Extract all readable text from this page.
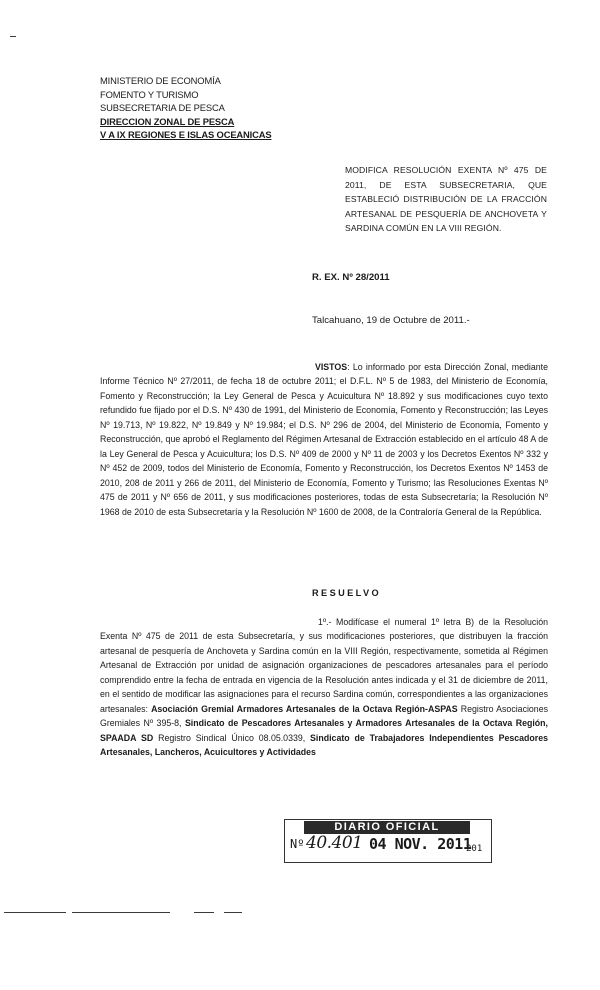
MINISTERIO DE ECONOMÍA
FOMENTO Y TURISMO
SUBSECRETARIA DE PESCA
DIRECCION ZONAL DE PESCA
V A IX REGIONES E ISLAS OCEANICAS
MODIFICA RESOLUCIÓN EXENTA Nº 475 DE 2011, DE ESTA SUBSECRETARIA, QUE ESTABLECIÓ DISTRIBUCIÓN DE LA FRACCIÓN ARTESANAL DE PESQUERÍA DE ANCHOVETA Y SARDINA COMÚN EN LA VIII REGIÓN.
R. EX. Nº 28/2011
Talcahuano, 19 de Octubre de 2011.-
VISTOS: Lo informado por esta Dirección Zonal, mediante Informe Técnico Nº 27/2011, de fecha 18 de octubre 2011; el D.F.L. Nº 5 de 1983, del Ministerio de Economía, Fomento y Reconstrucción; la Ley General de Pesca y Acuicultura Nº 18.892 y sus modificaciones cuyo texto refundido fue fijado por el D.S. Nº 430 de 1991, del Ministerio de Economía, Fomento y Reconstrucción; las Leyes Nº 19.713, Nº 19.822, Nº 19.849 y Nº 19.984; el D.S. Nº 296 de 2004, del Ministerio de Economía, Fomento y Reconstrucción, que aprobó el Reglamento del Régimen Artesanal de Extracción establecido en el artículo 48 A de la Ley General de Pesca y Acuicultura; los D.S. Nº 409 de 2000 y Nº 11 de 2003 y los Decretos Exentos Nº 332 y Nº 452 de 2009, todos del Ministerio de Economía, Fomento y Reconstrucción, los Decretos Exentos Nº 1453 de 2010, 208 de 2011 y 266 de 2011, del Ministerio de Economía, Fomento y Turismo; las Resoluciones Exentas Nº 475 de 2011 y Nº 656 de 2011, y sus modificaciones posteriores, todas de esta Subsecretaría; la Resolución Nº 1968 de 2010 de esta Subsecretaría y la Resolución Nº 1600 de 2008, de la Contraloría General de la República.
RESUELVO
1º.- Modifícase el numeral 1º letra B) de la Resolución Exenta Nº 475 de 2011 de esta Subsecretaría, y sus modificaciones posteriores, que distribuyen la fracción artesanal de pesquería de Anchoveta y Sardina común en la VIII Región, respectivamente, sometida al Régimen Artesanal de Extracción por unidad de asignación organizaciones de pescadores artesanales para el período comprendido entre la fecha de entrada en vigencia de la Resolución antes indicada y el 31 de diciembre de 2011, en el sentido de modificar las asignaciones para el recurso Sardina común, correspondientes a las organizaciones artesanales: Asociación Gremial Armadores Artesanales de la Octava Región-ASPAS Registro Asociaciones Gremiales Nº 395-8, Sindicato de Pescadores Artesanales y Armadores Artesanales de la Octava Región, SPAADA SD Registro Sindical Único 08.05.0339, Sindicato de Trabajadores Independientes Pescadores Artesanales, Lancheros, Acuicultores y Actividades
DIARIO OFICIAL
Nº 40.401 04 NOV. 2011
201
